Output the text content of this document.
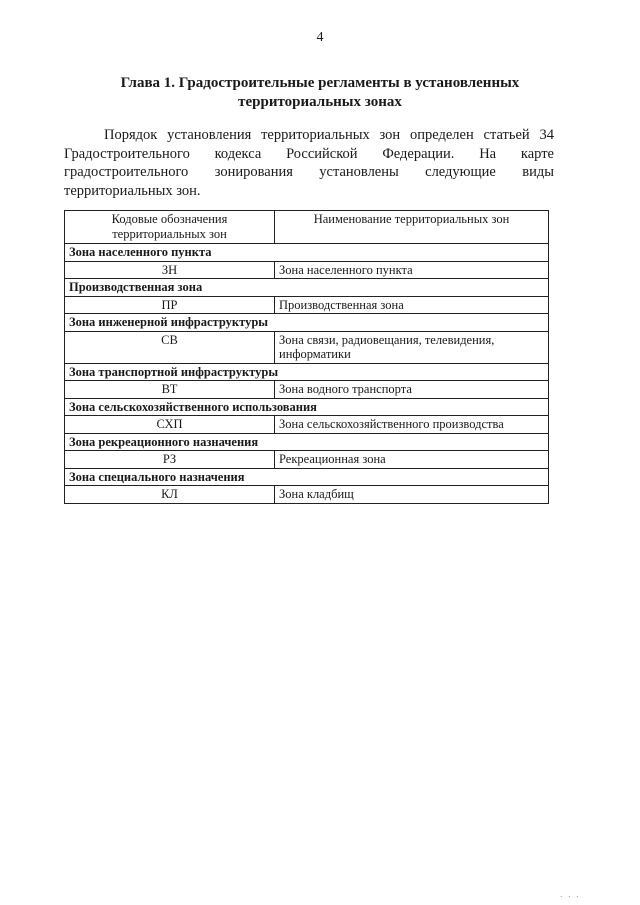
4
Глава 1. Градостроительные регламенты в установленных территориальных зонах

Порядок установления территориальных зон определен статьей 34 Градостроительного кодекса Российской Федерации. На карте градостроительного зонирования установлены следующие виды территориальных зон.

Кодовые обозначения территориальных зон	Наименование территориальных зон
Зона населенного пункта	
ЗН	Зона населенного пункта
Производственная зона	
ПР	Производственная зона
Зона инженерной инфраструктуры	
СВ	Зона связи, радиовещания, телевидения, информатики
Зона транспортной инфраструктуры	
ВТ	Зона водного транспорта
Зона сельскохозяйственного использования	
СХП	Зона сельскохозяйственного производства
Зона рекреационного назначения	
РЗ	Рекреационная зона
Зона специального назначения	
КЛ	Зона кладбищ
· · ·
